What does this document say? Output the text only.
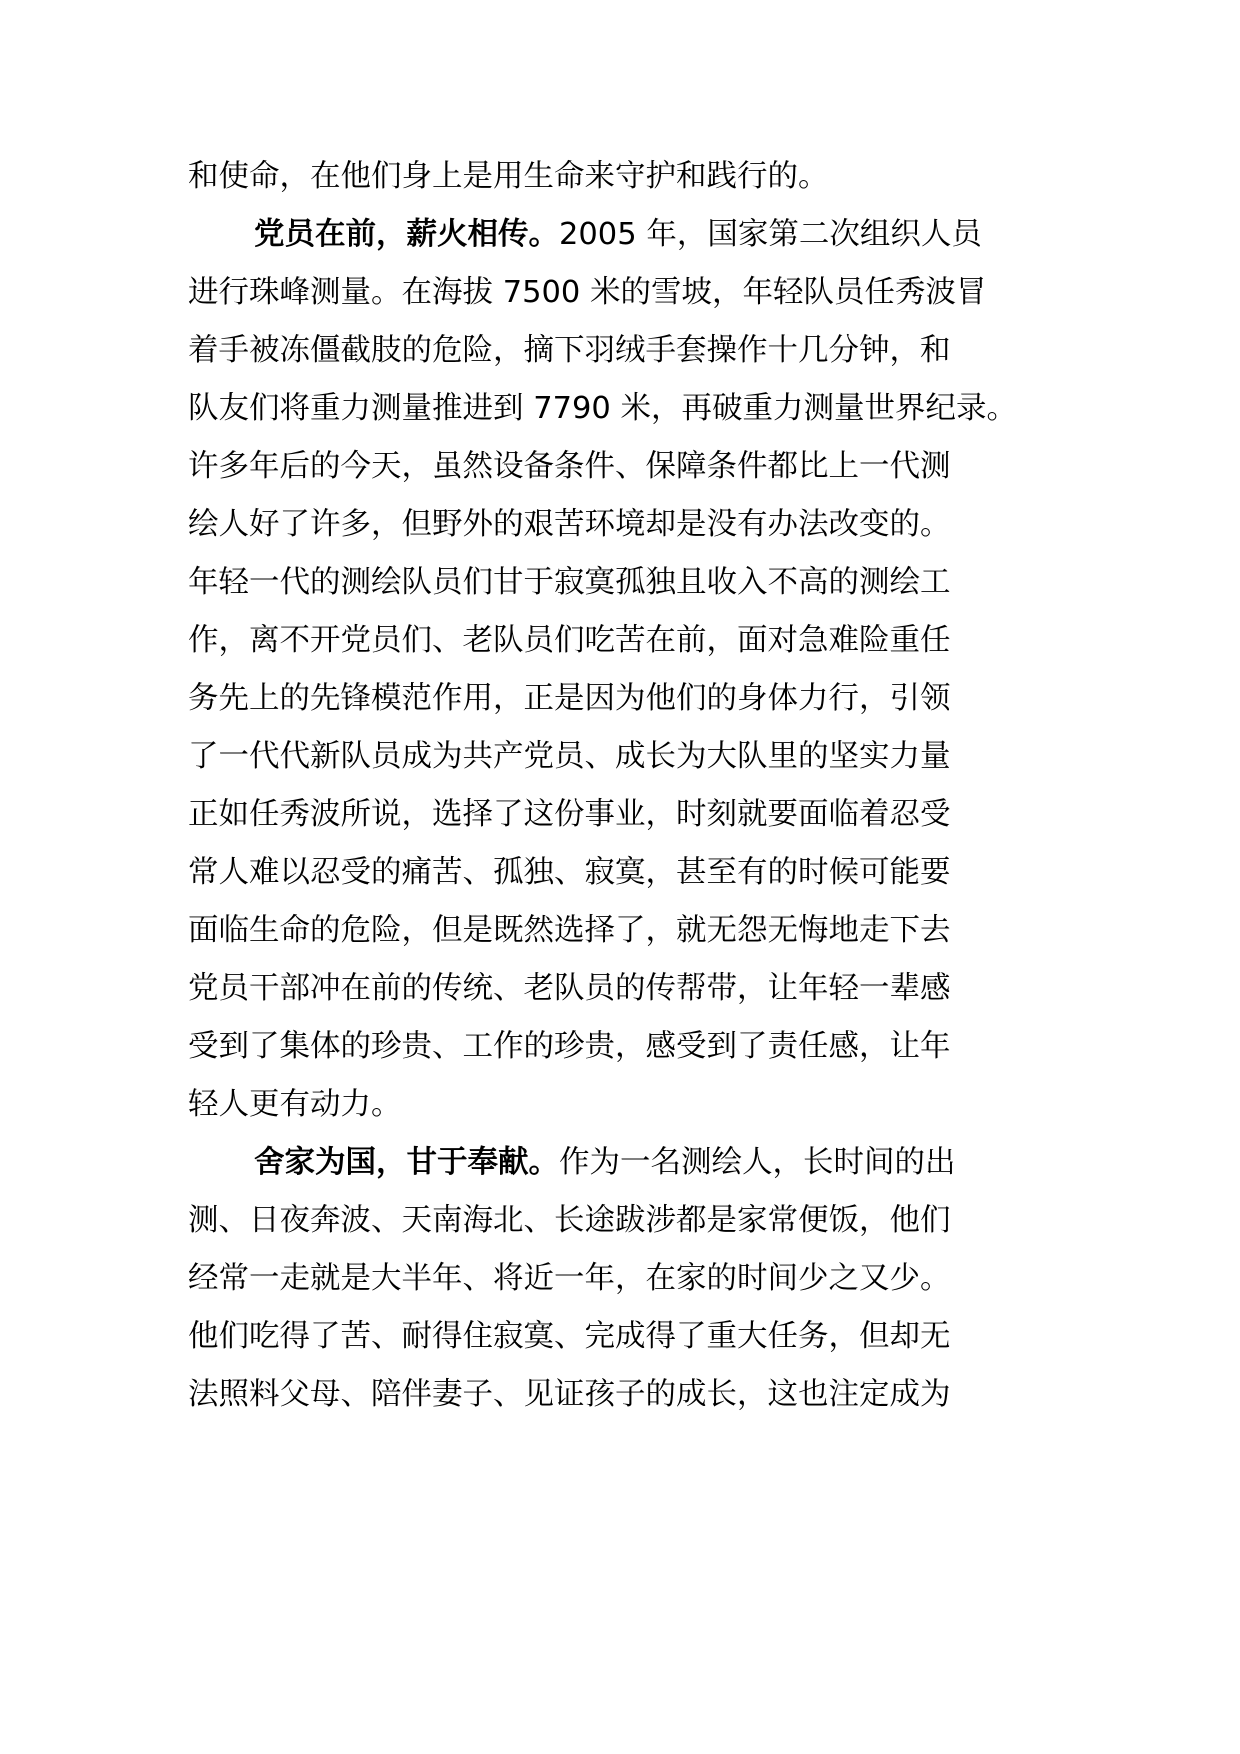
和使命，在他们身上是用生命来守护和践行的。
党员在前，薪火相传。2005 年，国家第二次组织人员
进行珠峰测量。在海拔 7500 米的雪坡，年轻队员任秀波冒
着手被冻僵截肢的危险，摘下羽绒手套操作十几分钟，和
队友们将重力测量推进到 7790 米，再破重力测量世界纪录。
许多年后的今天，虽然设备条件、保障条件都比上一代测
绘人好了许多，但野外的艰苦环境却是没有办法改变的。
年轻一代的测绘队员们甘于寂寞孤独且收入不高的测绘工
作，离不开党员们、老队员们吃苦在前，面对急难险重任
务先上的先锋模范作用，正是因为他们的身体力行，引领
了一代代新队员成为共产党员、成长为大队里的坚实力量
正如任秀波所说，选择了这份事业，时刻就要面临着忍受
常人难以忍受的痛苦、孤独、寂寞，甚至有的时候可能要
面临生命的危险，但是既然选择了，就无怨无悔地走下去
党员干部冲在前的传统、老队员的传帮带，让年轻一辈感
受到了集体的珍贵、工作的珍贵，感受到了责任感，让年
轻人更有动力。
舍家为国，甘于奉献。作为一名测绘人，长时间的出
测、日夜奔波、天南海北、长途跋涉都是家常便饭，他们
经常一走就是大半年、将近一年，在家的时间少之又少。
他们吃得了苦、耐得住寂寞、完成得了重大任务，但却无
法照料父母、陪伴妻子、见证孩子的成长，这也注定成为
